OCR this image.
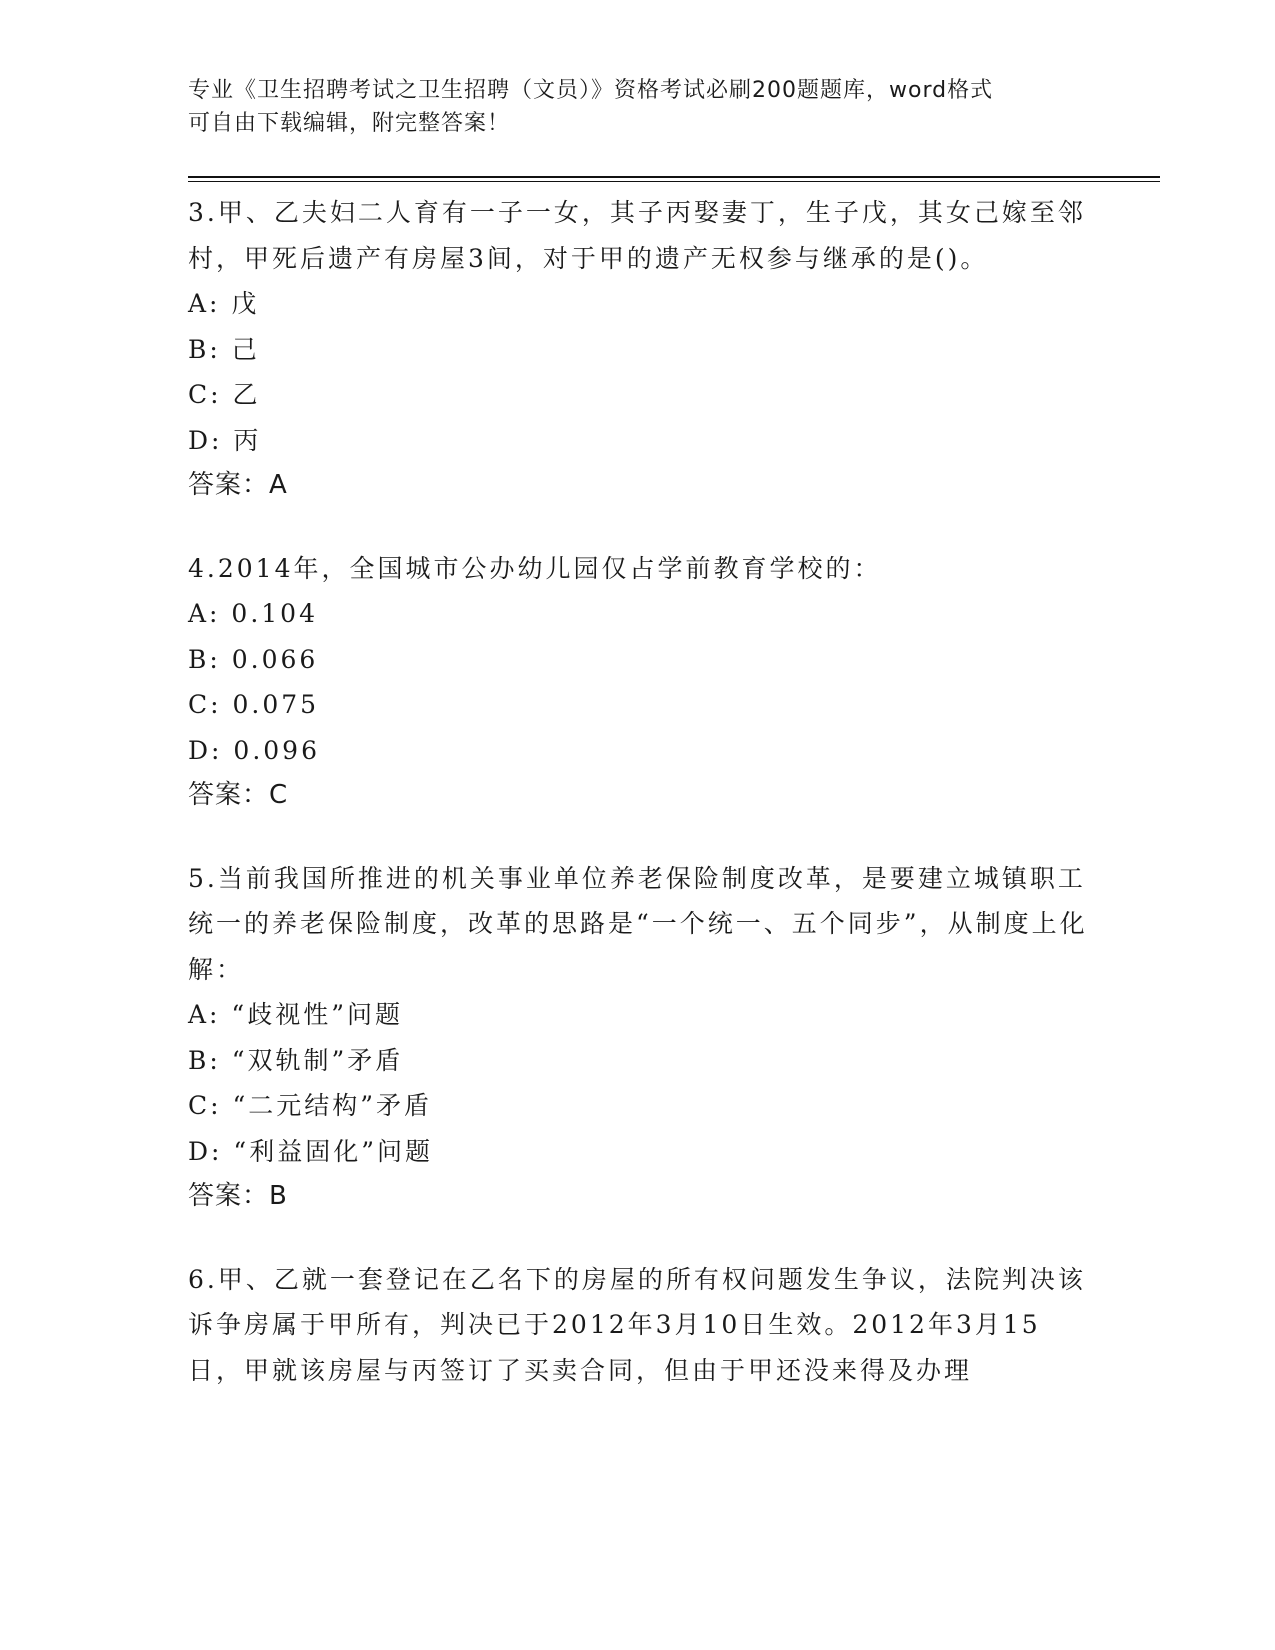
专业《卫生招聘考试之卫生招聘（文员）》资格考试必刷200题题库，word格式
可自由下载编辑，附完整答案！

3.甲、乙夫妇二人育有一子一女，其子丙娶妻丁，生子戊，其女己嫁至邻村，甲死后遗产有房屋3间，对于甲的遗产无权参与继承的是()。

A: 戊
B: 己
C: 乙
D: 丙
答案：A

4.2014年，全国城市公办幼儿园仅占学前教育学校的：

A: 0.104
B: 0.066
C: 0.075
D: 0.096
答案：C

5.当前我国所推进的机关事业单位养老保险制度改革，是要建立城镇职工统一的养老保险制度，改革的思路是“一个统一、五个同步”，从制度上化解：

A: “歧视性”问题
B: “双轨制”矛盾
C: “二元结构”矛盾
D: “利益固化”问题
答案：B

6.甲、乙就一套登记在乙名下的房屋的所有权问题发生争议，法院判决该诉争房属于甲所有，判决已于2012年3月10日生效。2012年3月15日，甲就该房屋与丙签订了买卖合同，但由于甲还没来得及办理
